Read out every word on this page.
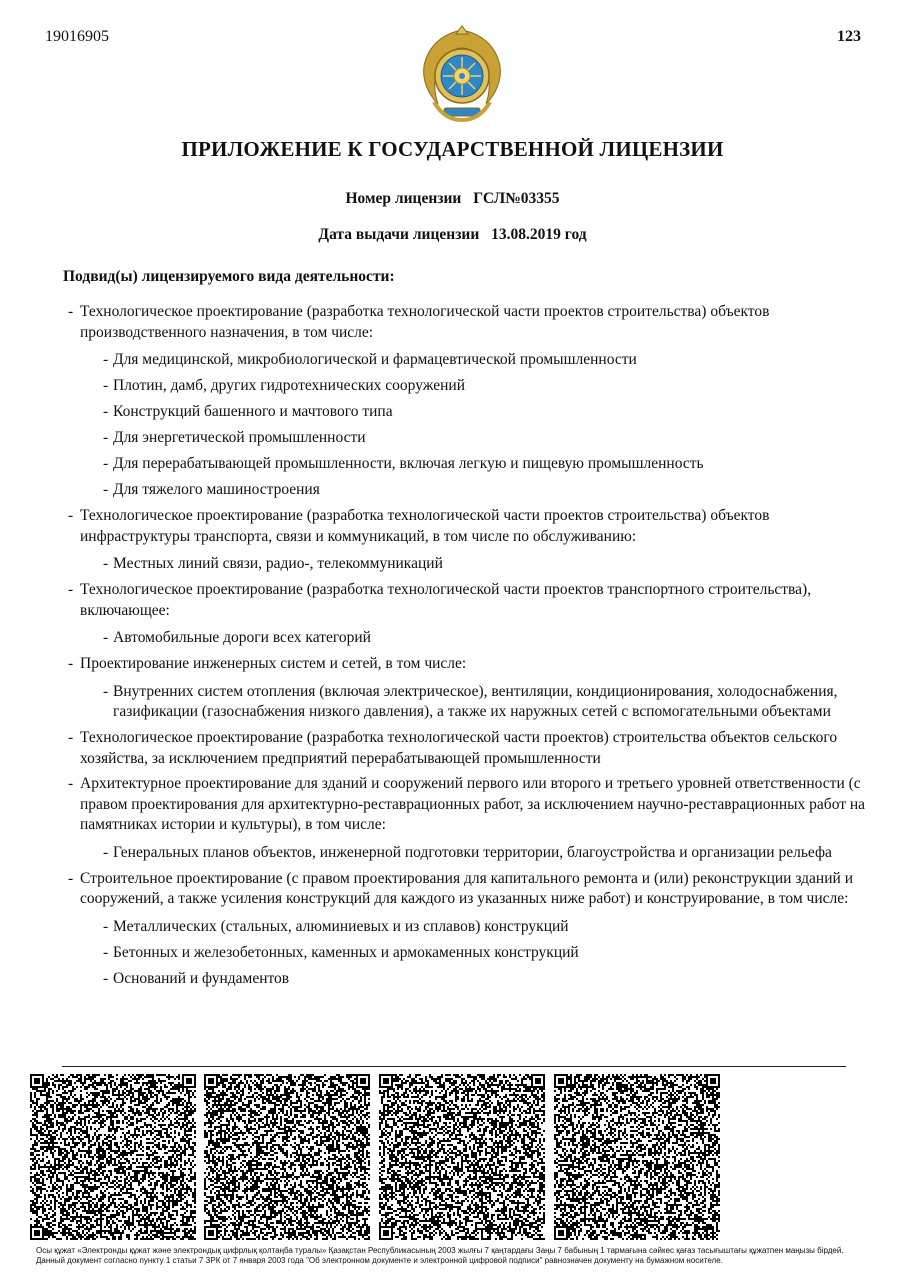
19016905	123
ПРИЛОЖЕНИЕ К ГОСУДАРСТВЕННОЙ ЛИЦЕНЗИИ
Номер лицензии ГСЛ№03355
Дата выдачи лицензии 13.08.2019 год
Подвид(ы) лицензируемого вида деятельности:
- Технологическое проектирование (разработка технологической части проектов строительства) объектов производственного назначения, в том числе:
- Для медицинской, микробиологической и фармацевтической промышленности
- Плотин, дамб, других гидротехнических сооружений
- Конструкций башенного и мачтового типа
- Для энергетической промышленности
- Для перерабатывающей промышленности, включая легкую и пищевую промышленность
- Для тяжелого машиностроения
- Технологическое проектирование (разработка технологической части проектов строительства) объектов инфраструктуры транспорта, связи и коммуникаций, в том числе по обслуживанию:
- Местных линий связи, радио-, телекоммуникаций
- Технологическое проектирование (разработка технологической части проектов транспортного строительства), включающее:
- Автомобильные дороги всех категорий
- Проектирование инженерных систем и сетей, в том числе:
- Внутренних систем отопления (включая электрическое), вентиляции, кондиционирования, холодоснабжения, газификации (газоснабжения низкого давления), а также их наружных сетей с вспомогательными объектами
- Технологическое проектирование (разработка технологической части проектов) строительства объектов сельского хозяйства, за исключением предприятий перерабатывающей промышленности
- Архитектурное проектирование для зданий и сооружений первого или второго и третьего уровней ответственности (с правом проектирования для архитектурно-реставрационных работ, за исключением научно-реставрационных работ на памятниках истории и культуры), в том числе:
- Генеральных планов объектов, инженерной подготовки территории, благоустройства и организации рельефа
- Строительное проектирование (с правом проектирования для капитального ремонта и (или) реконструкции зданий и сооружений, а также усиления конструкций для каждого из указанных ниже работ) и конструирование, в том числе:
- Металлических (стальных, алюминиевых и из сплавов) конструкций
- Бетонных и железобетонных, каменных и армокаменных конструкций
- Оснований и фундаментов
Осы құжат «Электронды құжат және электрондық цифрлық қолтаңба туралы» Қазақстан Республикасының 2003 жылғы 7 қаңтардағы Заңы 7 бабының 1 тармағына сәйкес қағаз тасығыштағы құжатпен маңызы бірдей.
Данный документ согласно пункту 1 статьи 7 ЗРК от 7 января 2003 года "Об электронном документе и электронной цифровой подписи" равнозначен документу на бумажном носителе.
